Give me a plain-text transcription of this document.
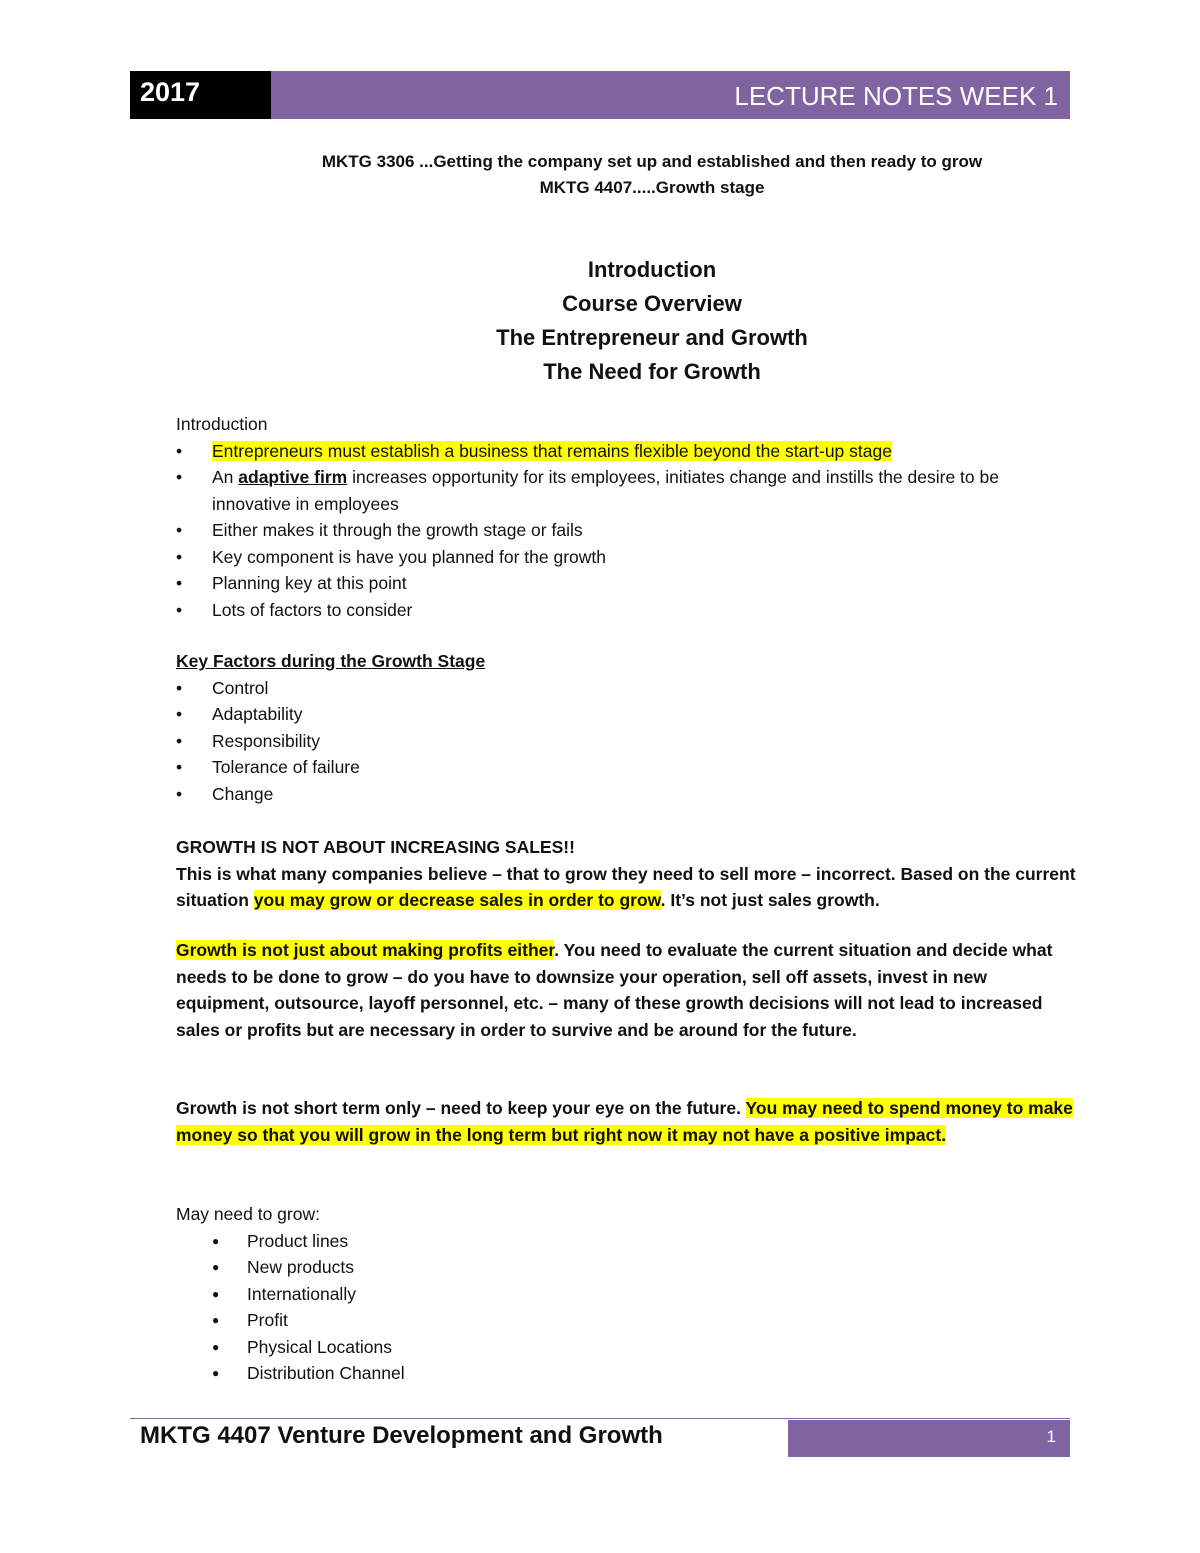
2017	LECTURE NOTES WEEK 1
MKTG 3306 ...Getting the company set up and established and then ready to grow
MKTG 4407.....Growth stage
Introduction
Course Overview
The Entrepreneur and Growth
The Need for Growth

Introduction

• Entrepreneurs must establish a business that remains flexible beyond the start-up stage
• An adaptive firm increases opportunity for its employees, initiates change and instills the desire to be innovative in employees
• Either makes it through the growth stage or fails
• Key component is have you planned for the growth
• Planning key at this point
• Lots of factors to consider

Key Factors during the Growth Stage

• Control
• Adaptability
• Responsibility
• Tolerance of failure
• Change

GROWTH IS NOT ABOUT INCREASING SALES!!

This is what many companies believe – that to grow they need to sell more – incorrect. Based on the current situation you may grow or decrease sales in order to grow. It’s not just sales growth.

Growth is not just about making profits either. You need to evaluate the current situation and decide what needs to be done to grow – do you have to downsize your operation, sell off assets, invest in new equipment, outsource, layoff personnel, etc. – many of these growth decisions will not lead to increased sales or profits but are necessary in order to survive and be around for the future.

Growth is not short term only – need to keep your eye on the future. You may need to spend money to make money so that you will grow in the long term but right now it may not have a positive impact.

May need to grow:

● Product lines
● New products
● Internationally
● Profit
● Physical Locations
● Distribution Channel
MKTG 4407 Venture Development and Growth	1
